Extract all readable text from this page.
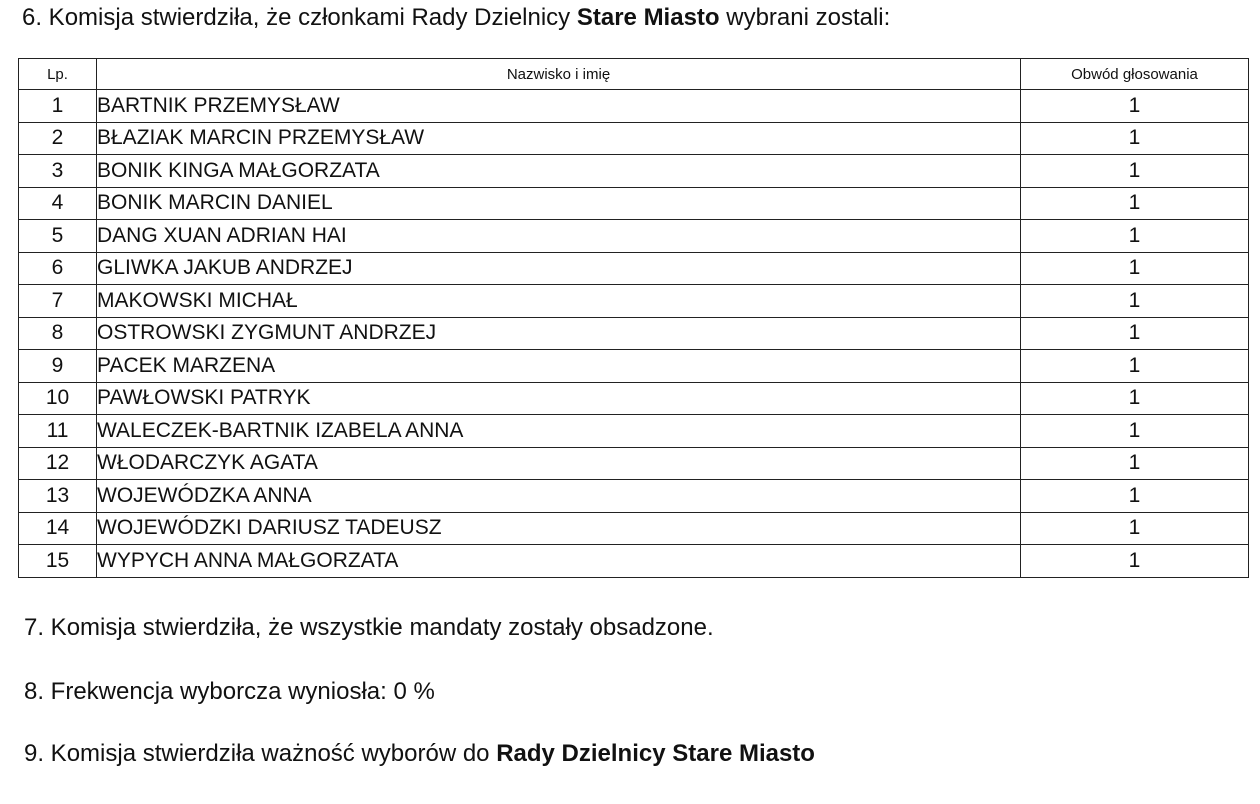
6. Komisja stwierdziła, że członkami Rady Dzielnicy Stare Miasto wybrani zostali:
Lp.	Nazwisko i imię	Obwód głosowania
1	BARTNIK PRZEMYSŁAW	1
2	BŁAZIAK MARCIN PRZEMYSŁAW	1
3	BONIK KINGA MAŁGORZATA	1
4	BONIK MARCIN DANIEL	1
5	DANG XUAN ADRIAN HAI	1
6	GLIWKA JAKUB ANDRZEJ	1
7	MAKOWSKI MICHAŁ	1
8	OSTROWSKI ZYGMUNT ANDRZEJ	1
9	PACEK MARZENA	1
10	PAWŁOWSKI PATRYK	1
11	WALECZEK-BARTNIK IZABELA ANNA	1
12	WŁODARCZYK AGATA	1
13	WOJEWÓDZKA ANNA	1
14	WOJEWÓDZKI DARIUSZ TADEUSZ	1
15	WYPYCH ANNA MAŁGORZATA	1
7. Komisja stwierdziła, że wszystkie mandaty zostały obsadzone.
8. Frekwencja wyborcza wyniosła: 0 %
9. Komisja stwierdziła ważność wyborów do Rady Dzielnicy Stare Miasto
